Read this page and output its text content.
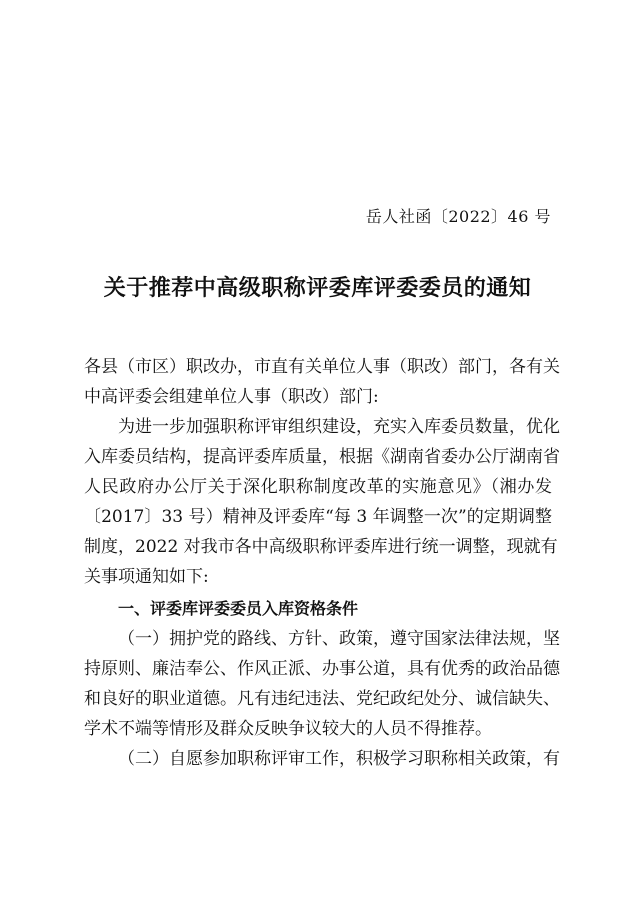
岳人社函〔2022〕46 号
关于推荐中高级职称评委库评委委员的通知

各县（市区）职改办，市直有关单位人事（职改）部门，各有关
中高评委会组建单位人事（职改）部门:

为进一步加强职称评审组织建设，充实入库委员数量，优化
入库委员结构，提高评委库质量，根据《湖南省委办公厅湖南省
人民政府办公厅关于深化职称制度改革的实施意见》（湘办发
〔2017〕33 号）精神及评委库“每 3 年调整一次”的定期调整
制度，2022 对我市各中高级职称评委库进行统一调整，现就有
关事项通知如下:

一、评委库评委委员入库资格条件

（一）拥护党的路线、方针、政策，遵守国家法律法规，坚
持原则、廉洁奉公、作风正派、办事公道，具有优秀的政治品德
和良好的职业道德。凡有违纪违法、党纪政纪处分、诚信缺失、
学术不端等情形及群众反映争议较大的人员不得推荐。

（二）自愿参加职称评审工作，积极学习职称相关政策，有
